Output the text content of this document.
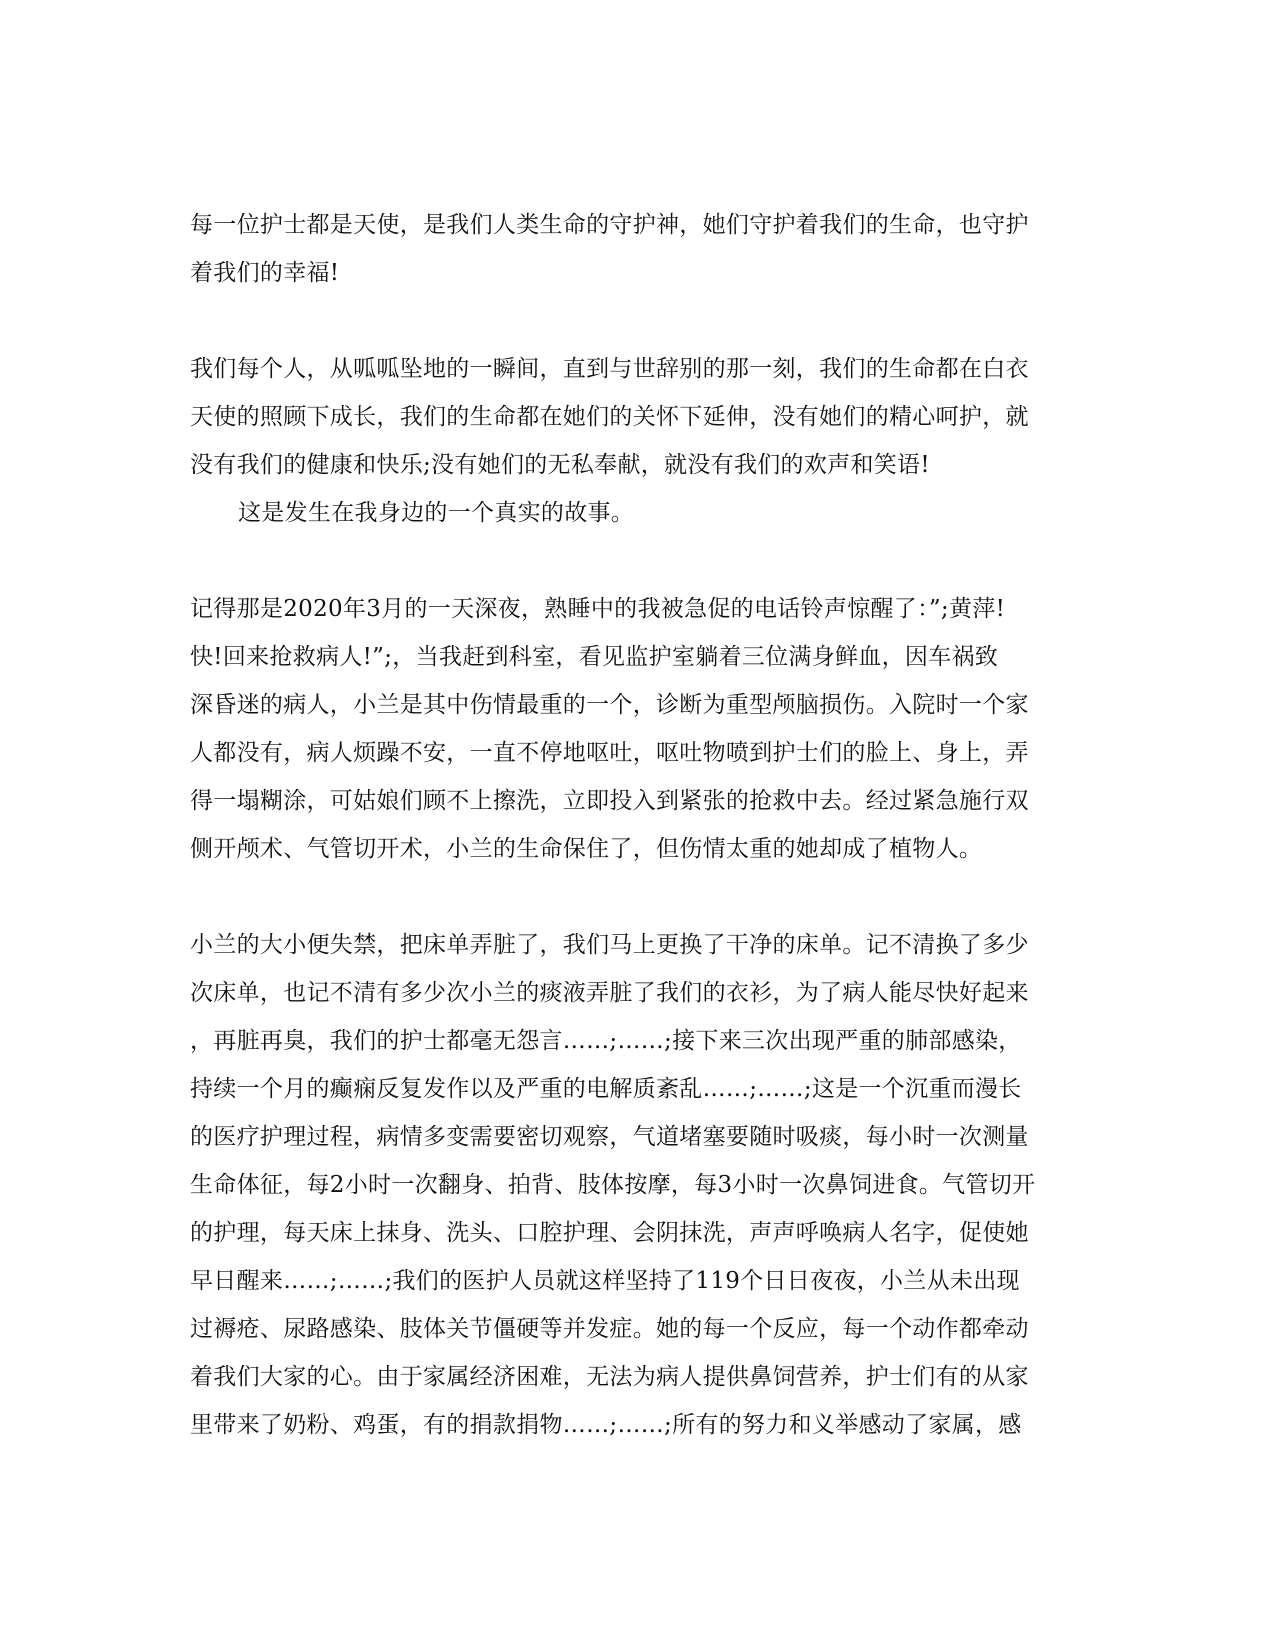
每一位护士都是天使，是我们人类生命的守护神，她们守护着我们的生命，也守护
着我们的幸福!
我们每个人，从呱呱坠地的一瞬间，直到与世辞别的那一刻，我们的生命都在白衣
天使的照顾下成长，我们的生命都在她们的关怀下延伸，没有她们的精心呵护，就
没有我们的健康和快乐;没有她们的无私奉献，就没有我们的欢声和笑语!
这是发生在我身边的一个真实的故事。
记得那是2020年3月的一天深夜，熟睡中的我被急促的电话铃声惊醒了：”;黄萍!
快!回来抢救病人!”;，当我赶到科室，看见监护室躺着三位满身鲜血，因车祸致
深昏迷的病人，小兰是其中伤情最重的一个，诊断为重型颅脑损伤。入院时一个家
人都没有，病人烦躁不安，一直不停地呕吐，呕吐物喷到护士们的脸上、身上，弄
得一塌糊涂，可姑娘们顾不上擦洗，立即投入到紧张的抢救中去。经过紧急施行双
侧开颅术、气管切开术，小兰的生命保住了，但伤情太重的她却成了植物人。
小兰的大小便失禁，把床单弄脏了，我们马上更换了干净的床单。记不清换了多少
次床单，也记不清有多少次小兰的痰液弄脏了我们的衣衫，为了病人能尽快好起来
，再脏再臭，我们的护士都毫无怨言……;……;接下来三次出现严重的肺部感染，
持续一个月的癫痫反复发作以及严重的电解质紊乱……;……;这是一个沉重而漫长
的医疗护理过程，病情多变需要密切观察，气道堵塞要随时吸痰，每小时一次测量
生命体征，每2小时一次翻身、拍背、肢体按摩，每3小时一次鼻饲进食。气管切开
的护理，每天床上抹身、洗头、口腔护理、会阴抹洗，声声呼唤病人名字，促使她
早日醒来……;……;我们的医护人员就这样坚持了119个日日夜夜，小兰从未出现
过褥疮、尿路感染、肢体关节僵硬等并发症。她的每一个反应，每一个动作都牵动
着我们大家的心。由于家属经济困难，无法为病人提供鼻饲营养，护士们有的从家
里带来了奶粉、鸡蛋，有的捐款捐物……;……;所有的努力和义举感动了家属，感
